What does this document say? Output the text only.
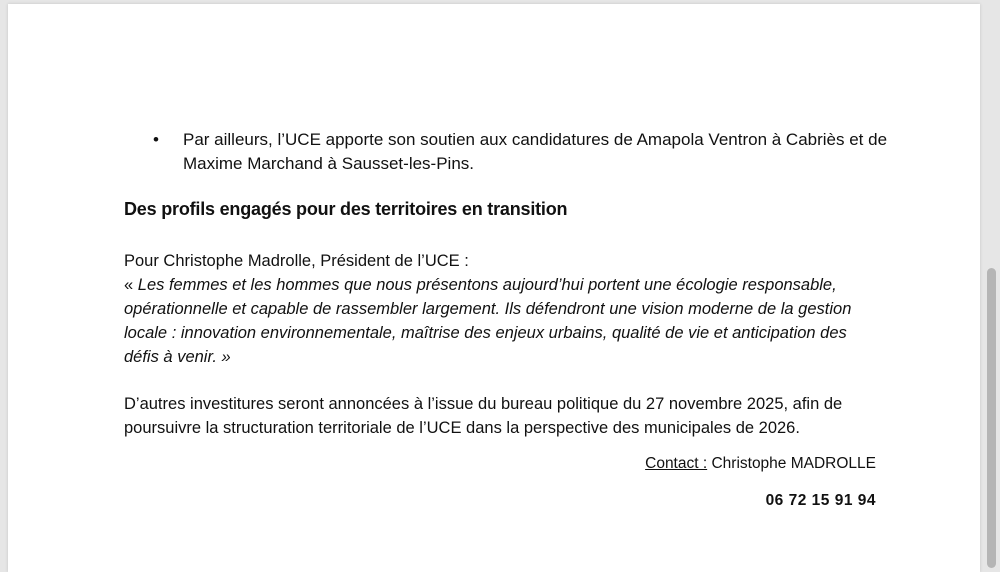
•	Par ailleurs, l’UCE apporte son soutien aux candidatures de Amapola Ventron à Cabriès et de Maxime Marchand à Sausset-les-Pins.
Des profils engagés pour des territoires en transition
Pour Christophe Madrolle, Président de l’UCE :
« Les femmes et les hommes que nous présentons aujourd’hui portent une écologie responsable, opérationnelle et capable de rassembler largement. Ils défendront une vision moderne de la gestion locale : innovation environnementale, maîtrise des enjeux urbains, qualité de vie et anticipation des défis à venir. »
D’autres investitures seront annoncées à l’issue du bureau politique du 27 novembre 2025, afin de poursuivre la structuration territoriale de l’UCE dans la perspective des municipales de 2026.
Contact : Christophe MADROLLE
06 72 15 91 94
